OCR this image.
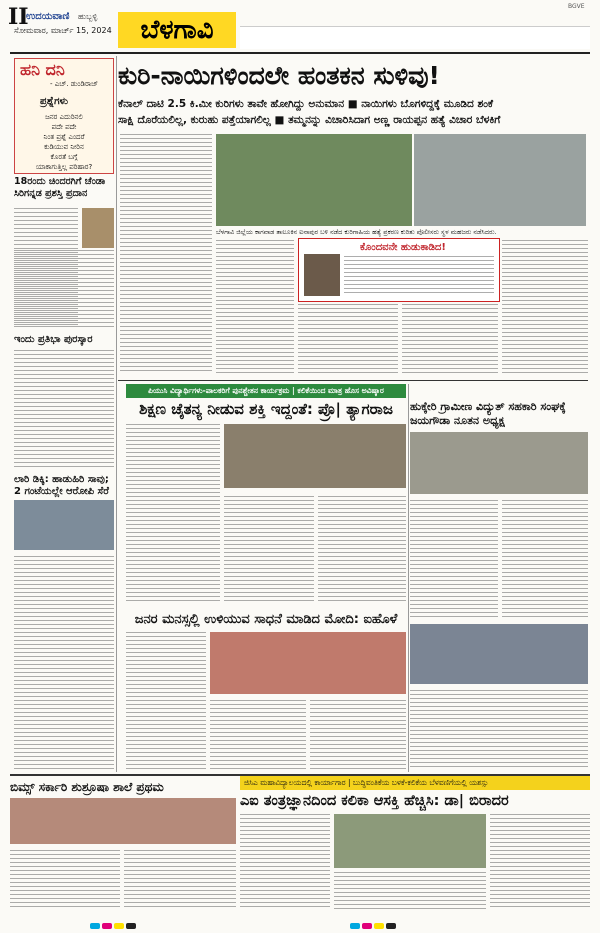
II
ಉದಯವಾಣಿ ಹುಬ್ಬಳ್ಳಿ
ಸೋಮವಾರ, ಮಾರ್ಚ್ 15, 2024	ಬೆಳಗಾವಿ
BGVE
ಹನಿ ದನಿ
- ಎಚ್. ಡುಂಡಿರಾಜ್
ಪ್ರಶ್ನೆಗಳು
ಜನರ ಎದುರಿನಲಿ
ಪದೇ ಪದೇ
ನಿಂತ ಪ್ರಶ್ನೆ ಎಂದರೆ
ಕುಡಿಯುವ ನೀರಿನ
ಕೊರತೆ ಬಗ್ಗೆ
ಯಾಕಾಗುತ್ತಿಲ್ಲ ಪರಿಹಾರ?
18ರಂದು ಚಿಂದರಗಿಗೆ ಚೆಂಡಾ ಸಿರಿಗನ್ನಡ ಪ್ರಶಸ್ತಿ ಪ್ರದಾನ
ಇಂದು ಪ್ರತಿಭಾ ಪುರಸ್ಕಾರ
ಲಾರಿ ಡಿಕ್ಕಿ: ಹಾಡುಹಿರಿ ಸಾವು; 2 ಗಂಟೆಯಲ್ಲೇ ಆರೋಪಿ ಸೆರೆ
ಕುರಿ-ನಾಯಿಗಳಿಂದಲೇ ಹಂತಕನ ಸುಳಿವು!
ಕೆನಾಲ್ ದಾಟಿ 2.5 ಕಿ.ಮೀ ಕುರಿಗಳು ತಾವೇ ಹೋಗಿದ್ದು ಅನುಮಾನ ■ ನಾಯಿಗಳು ಬೊಗಳಿದ್ದಕ್ಕೆ ಮೂಡಿದ ಶಂಕೆ
ಸಾಕ್ಷಿ ದೊರೆಯಲಿಲ್ಲ, ಕುರುಹು ಪತ್ತೆಯಾಗಲಿಲ್ಲ ■ ತಮ್ಮನನ್ನು ವಿಚಾರಿಸಿದಾಗ ಅಣ್ಣ ರಾಯಪ್ಪನ ಹತ್ಯೆ ವಿಚಾರ ಬೆಳಕಿಗೆ
ಬೆಳಗಾವಿ ಜಿಲ್ಲೆಯ ಕಾಗವಾಡ ತಾಲೂಕಿನ ಐನಾಪುರ ಬಳಿ ನಡೆದ ಕುರಿಗಾಹಿಯ ಹತ್ಯೆ ಪ್ರಕರಣ ಕುರಿತು ಪೊಲೀಸರು ಸ್ಥಳ ಮಹಜರು ನಡೆಸಿದರು.
ಕೊಂದವನೇ ಹುಡುಕಾಡಿದ!
ಪಿಯುಸಿ ವಿದ್ಯಾರ್ಥಿಗಳು-ಪಾಲಕರಿಗೆ ಪುನಶ್ಚೇತನ ಕಾರ್ಯಕ್ರಮ | ಕಲಿಕೆಯಿಂದ ಮಾತ್ರ ಹೊಸ ಅವಿಷ್ಕಾರ
ಶಿಕ್ಷಣ ಚೈತನ್ಯ ನೀಡುವ ಶಕ್ತಿ ಇದ್ದಂತೆ: ಪ್ರೊ| ತ್ಯಾಗರಾಜ
ಜನರ ಮನಸ್ಸಲ್ಲಿ ಉಳಿಯುವ ಸಾಧನೆ ಮಾಡಿದ ಮೋದಿ: ಐಹೊಳೆ
ಹುಕ್ಕೇರಿ ಗ್ರಾಮೀಣ ವಿದ್ಯುತ್ ಸಹಕಾರಿ ಸಂಘಕ್ಕೆ ಜಯಗೌಡಾ ನೂತನ ಅಧ್ಯಕ್ಷ
ಬಿಮ್ಸ್ ಸರ್ಕಾರಿ ಶುಶ್ರೂಷಾ ಶಾಲೆ ಪ್ರಥಮ	ಜಿಸಿಎ ಮಹಾವಿದ್ಯಾಲಯದಲ್ಲಿ ಕಾರ್ಯಾಗಾರ | ಬುದ್ಧಿವಂತಿಕೆಯ ಬಳಕೆ-ಕಲಿಕೆಯ ಬೆಳವಣಿಗೆಯಲ್ಲಿ ಯಶಸ್ಸು
ಎಐ ತಂತ್ರಜ್ಞಾನದಿಂದ ಕಲಿಕಾ ಆಸಕ್ತಿ ಹೆಚ್ಚಿಸಿ: ಡಾ| ಬಿರಾದರ
